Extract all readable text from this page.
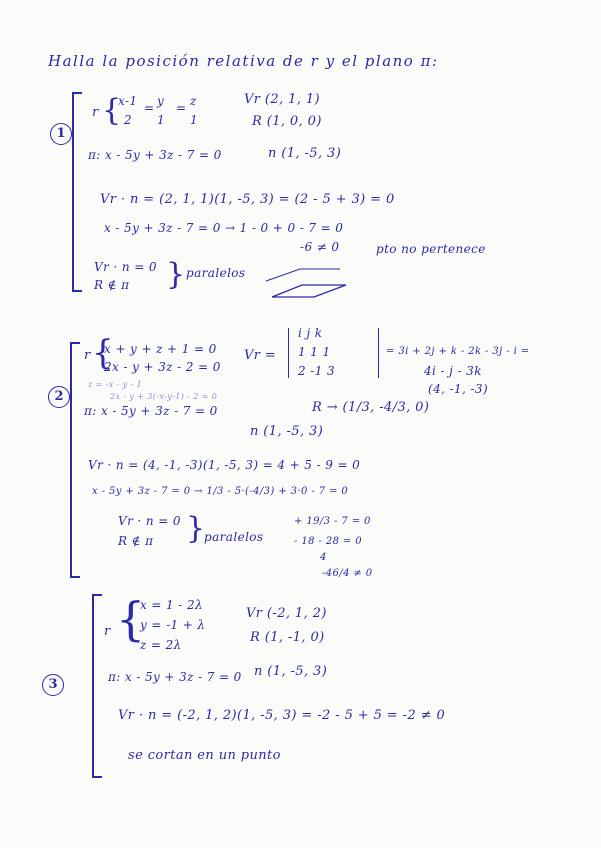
Halla la posición relativa de r y el plano π:
1
r {
x-1
2
= y
1
= z
1
Vr (2, 1, 1)
R (1, 0, 0)
π: x - 5y + 3z - 7 = 0	n (1, -5, 3)
Vr · n = (2, 1, 1)(1, -5, 3) = (2 - 5 + 3) = 0
x - 5y + 3z - 7 = 0 → 1 - 0 + 0 - 7 = 0
-6 ≠ 0	pto no pertenece
Vr · n = 0
R ∉ π } paralelos
2
r {
x + y + z + 1 = 0
2x - y + 3z - 2 = 0
z = -x - y - 1
2x - y + 3(-x-y-1) - 2 = 0
Vr =
i j k
1 1 1
2 -1 3
= 3i + 2j + k - 2k - 3j - i =
4i - j - 3k
(4, -1, -3)
π: x - 5y + 3z - 7 = 0	R → (1/3, -4/3, 0)
n (1, -5, 3)
Vr · n = (4, -1, -3)(1, -5, 3) = 4 + 5 - 9 = 0
x - 5y + 3z - 7 = 0 → 1/3 - 5·(-4/3) + 3·0 - 7 = 0
Vr · n = 0
R ∉ π }
paralelos
+ 19/3 - 7 = 0
- 18 - 28 = 0
4
-46/4 ≠ 0
3
r {
x = 1 - 2λ
y = -1 + λ
z = 2λ
Vr (-2, 1, 2)
R (1, -1, 0)
π: x - 5y + 3z - 7 = 0 n (1, -5, 3)
Vr · n = (-2, 1, 2)(1, -5, 3) = -2 - 5 + 5 = -2 ≠ 0
se cortan en un punto
